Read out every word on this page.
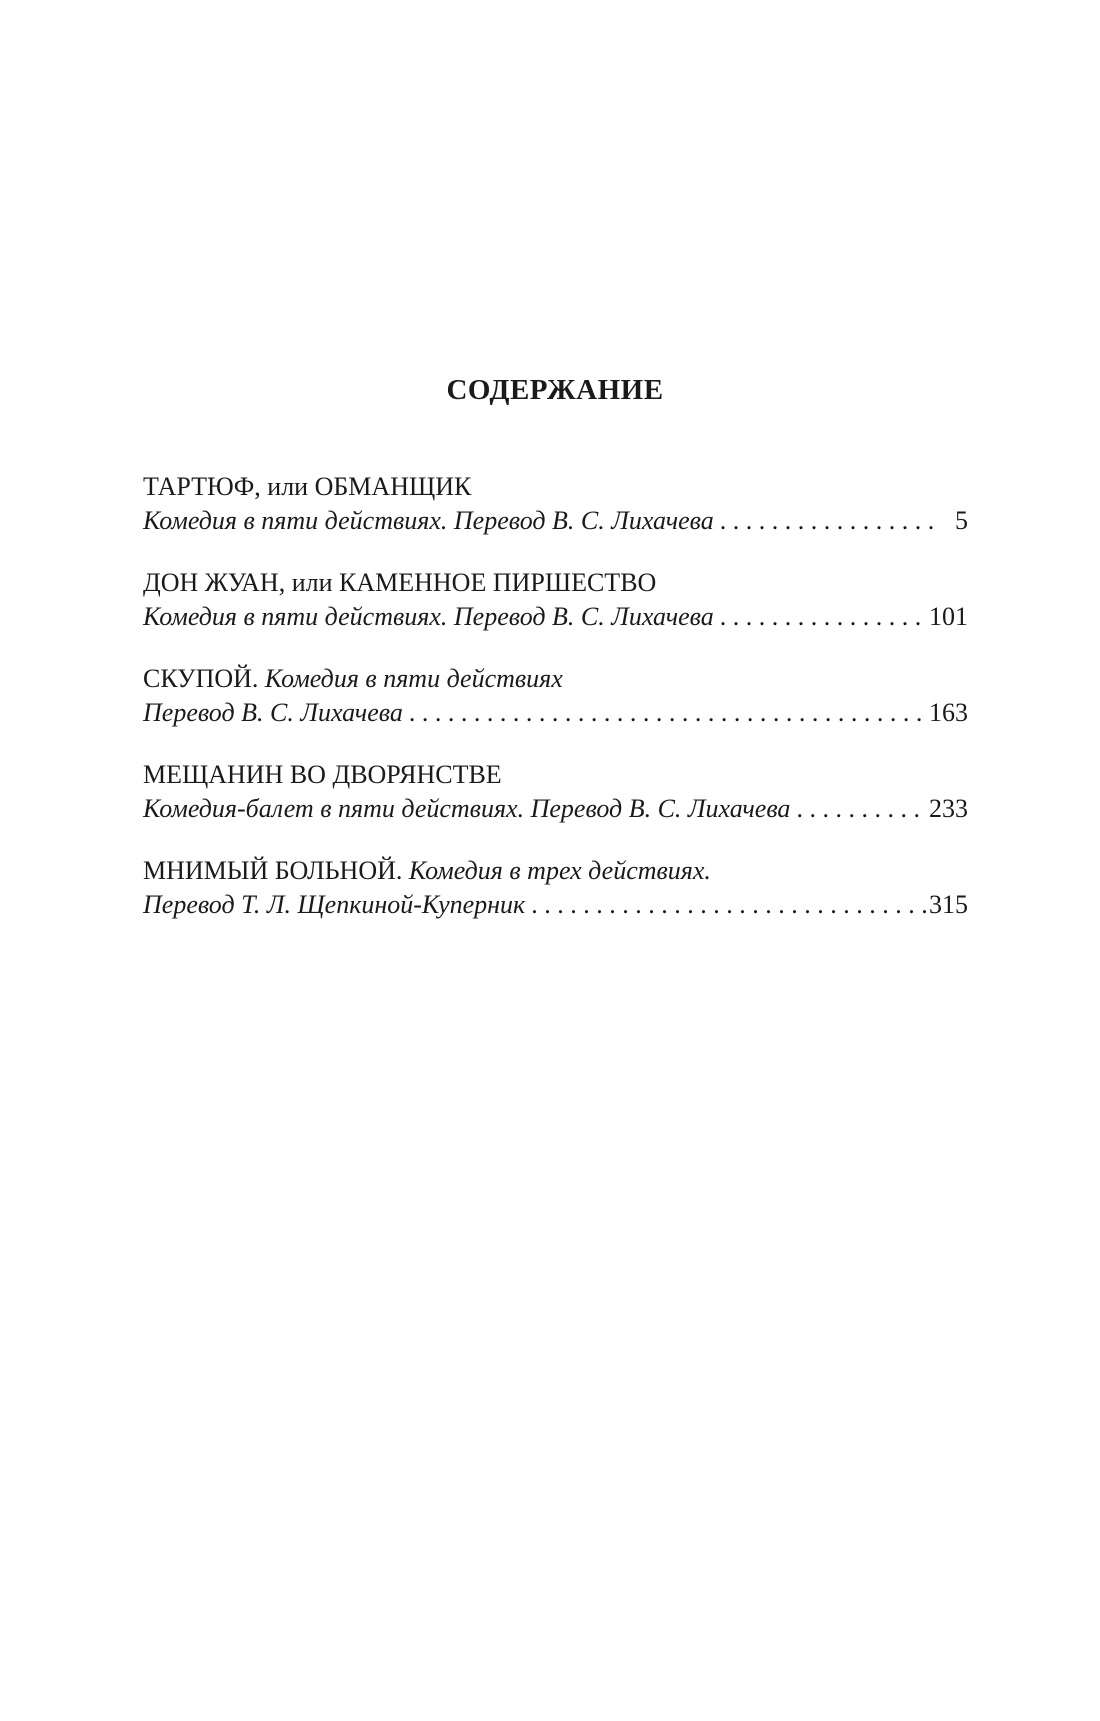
СОДЕРЖАНИЕ
ТАРТЮФ, или ОБМАНЩИК
Комедия в пяти действиях. Перевод В. С. Лихачева . . .	5
ДОН ЖУАН, или КАМЕННОЕ ПИРШЕСТВО
Комедия в пяти действиях. Перевод В. С. Лихачева . . .	101
СКУПОЙ. Комедия в пяти действиях
Перевод В. С. Лихачева . . .	163
МЕЩАНИН ВО ДВОРЯНСТВЕ
Комедия-балет в пяти действиях. Перевод В. С. Лихачева . . .	233
МНИМЫЙ БОЛЬНОЙ. Комедия в трех действиях.
Перевод Т. Л. Щепкиной-Куперник . . .	315
